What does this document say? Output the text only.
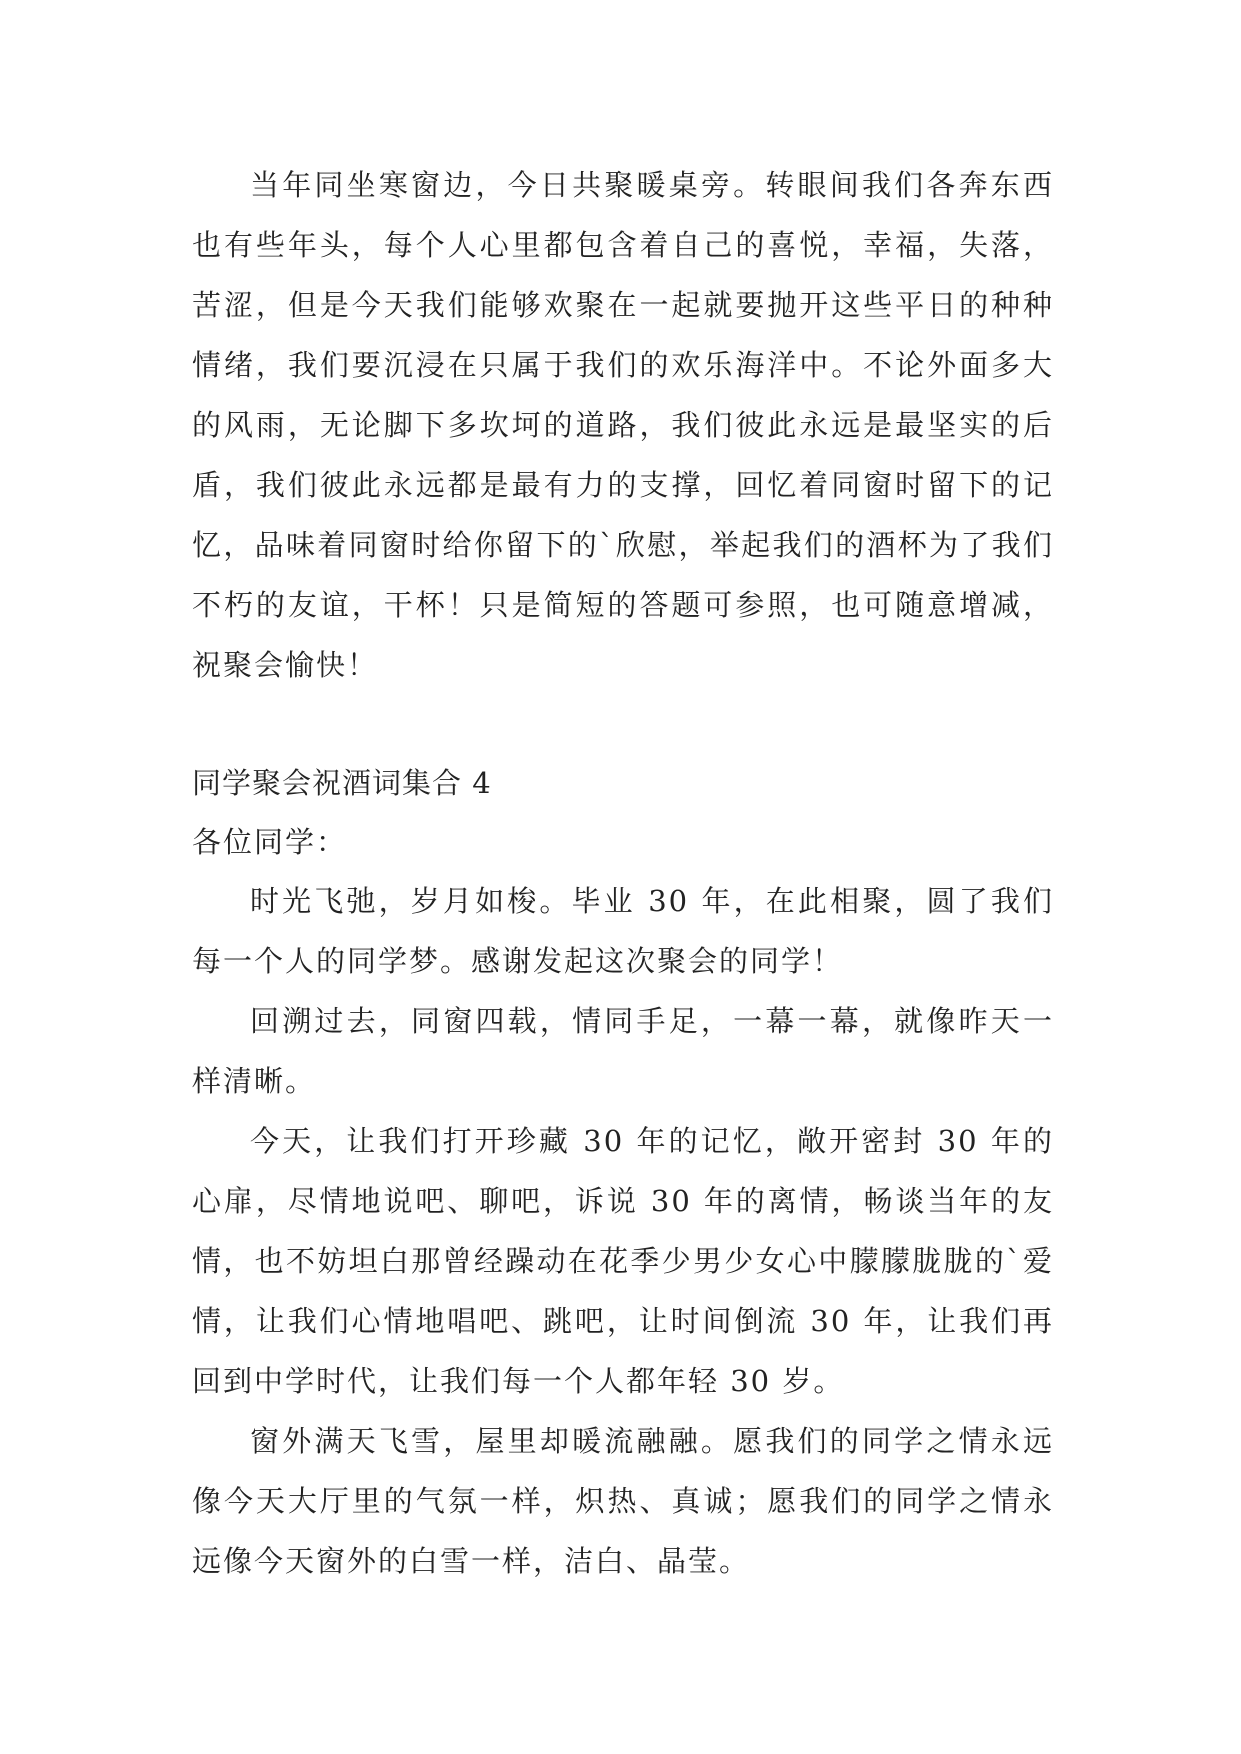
当年同坐寒窗边，今日共聚暖桌旁。转眼间我们各奔东西也有些年头，每个人心里都包含着自己的喜悦，幸福，失落，苦涩，但是今天我们能够欢聚在一起就要抛开这些平日的种种情绪，我们要沉浸在只属于我们的欢乐海洋中。不论外面多大的风雨，无论脚下多坎坷的道路，我们彼此永远是最坚实的后盾，我们彼此永远都是最有力的支撑，回忆着同窗时留下的记忆，品味着同窗时给你留下的`欣慰，举起我们的酒杯为了我们不朽的友谊，干杯！只是简短的答题可参照，也可随意增减，祝聚会愉快！

同学聚会祝酒词集合 4

各位同学：

时光飞弛，岁月如梭。毕业 30 年，在此相聚，圆了我们每一个人的同学梦。感谢发起这次聚会的同学！

回溯过去，同窗四载，情同手足，一幕一幕，就像昨天一样清晰。

今天，让我们打开珍藏 30 年的记忆，敞开密封 30 年的心扉，尽情地说吧、聊吧，诉说 30 年的离情，畅谈当年的友情，也不妨坦白那曾经躁动在花季少男少女心中朦朦胧胧的`爱情，让我们心情地唱吧、跳吧，让时间倒流 30 年，让我们再回到中学时代，让我们每一个人都年轻 30 岁。

窗外满天飞雪，屋里却暖流融融。愿我们的同学之情永远像今天大厅里的气氛一样，炽热、真诚；愿我们的同学之情永远像今天窗外的白雪一样，洁白、晶莹。
